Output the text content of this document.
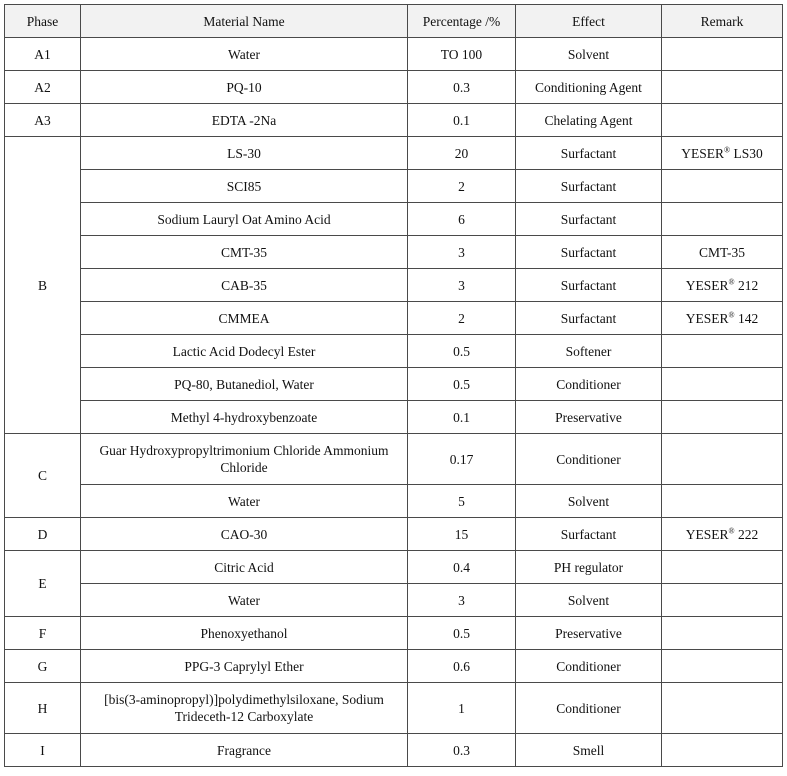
Phase	Material Name	Percentage /%	Effect	Remark
A1	Water	TO 100	Solvent	
A2	PQ-10	0.3	Conditioning Agent	
A3	EDTA -2Na	0.1	Chelating Agent	
B	LS-30	20	Surfactant	YESER® LS30
	SCI85	2	Surfactant	
	Sodium Lauryl Oat Amino Acid	6	Surfactant	
	CMT-35	3	Surfactant	CMT-35
	CAB-35	3	Surfactant	YESER® 212
	CMMEA	2	Surfactant	YESER® 142
	Lactic Acid Dodecyl Ester	0.5	Softener	
	PQ-80, Butanediol, Water	0.5	Conditioner	
	Methyl 4-hydroxybenzoate	0.1	Preservative	
C	Guar Hydroxypropyltrimonium Chloride Ammonium Chloride	0.17	Conditioner	
	Water	5	Solvent	
D	CAO-30	15	Surfactant	YESER® 222
E	Citric Acid	0.4	PH regulator	
	Water	3	Solvent	
F	Phenoxyethanol	0.5	Preservative	
G	PPG-3 Caprylyl Ether	0.6	Conditioner	
H	[bis(3-aminopropyl)]polydimethylsiloxane, Sodium Trideceth-12 Carboxylate	1	Conditioner	
I	Fragrance	0.3	Smell	
